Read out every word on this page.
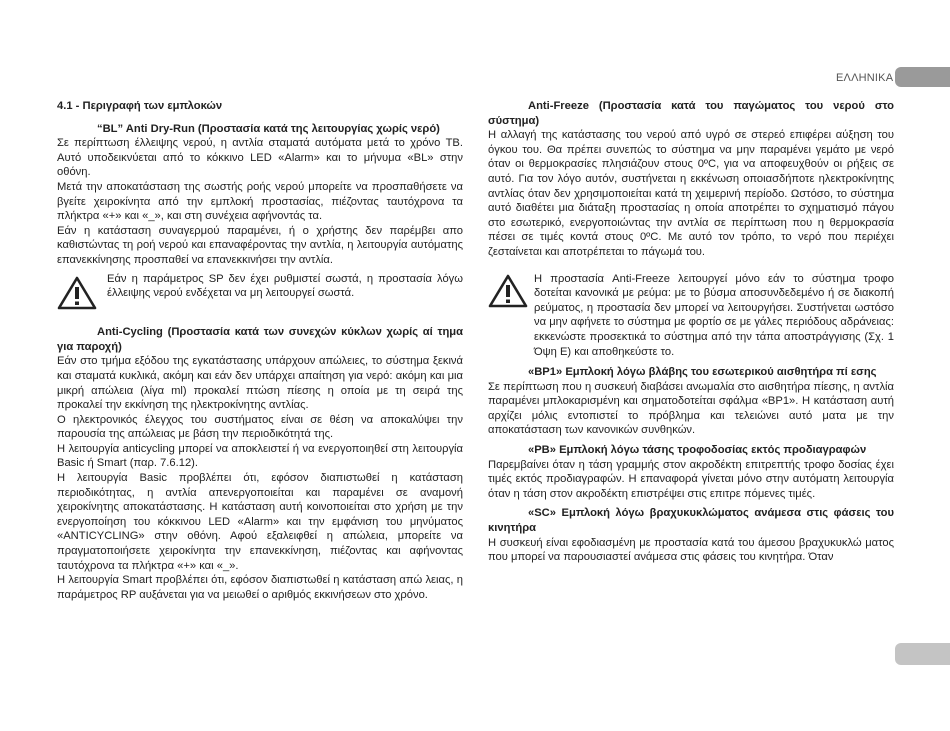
ΕΛΛΗΝΙΚΑ

4.1 - Περιγραφή των εμπλοκών

“BL” Anti Dry-Run (Προστασία κατά της λειτουργίας χωρίς νερό)

Σε περίπτωση έλλειψης νερού, η αντλία σταματά αυτόματα μετά το χρόνο TB. Αυτό υποδεικνύεται από το κόκκινο LED «Alarm» και το μήνυμα «BL» στην οθόνη.

Μετά την αποκατάσταση της σωστής ροής νερού μπορείτε να προσπαθήσετε να βγείτε χειροκίνητα από την εμπλοκή προστασίας, πιέζοντας ταυτόχρονα τα πλήκτρα «+» και «_», και στη συνέχεια αφήνοντάς τα.

Εάν η κατάσταση συναγερμού παραμένει, ή ο χρήστης δεν παρέμβει απο καθιστώντας τη ροή νερού και επαναφέροντας την αντλία, η λειτουργία αυτόματης επανεκκίνησης προσπαθεί να επανεκκινήσει την αντλία.

Εάν η παράμετρος SP δεν έχει ρυθμιστεί σωστά, η προστασία λόγω έλλειψης νερού ενδέχεται να μη λειτουργεί σωστά.

Anti-Cycling (Προστασία κατά των συνεχών κύκλων χωρίς αί τημα για παροχή)

Εάν στο τμήμα εξόδου της εγκατάστασης υπάρχουν απώλειες, το σύστημα ξεκινά και σταματά κυκλικά, ακόμη και εάν δεν υπάρχει απαίτηση για νερό: ακόμη και μια μικρή απώλεια (λίγα ml) προκαλεί πτώση πίεσης η οποία με τη σειρά της προκαλεί την εκκίνηση της ηλεκτροκίνητης αντλίας.

Ο ηλεκτρονικός έλεγχος του συστήματος είναι σε θέση να αποκαλύψει την παρουσία της απώλειας με βάση την περιοδικότητά της.

Η λειτουργία anticycling μπορεί να αποκλειστεί ή να ενεργοποιηθεί στη λειτουργία Basic ή Smart (παρ. 7.6.12).

Η λειτουργία Basic προβλέπει ότι, εφόσον διαπιστωθεί η κατάσταση περιοδικότητας, η αντλία απενεργοποιείται και παραμένει σε αναμονή χειροκίνητης αποκατάστασης. Η κατάσταση αυτή κοινοποιείται στο χρήση με την ενεργοποίηση του κόκκινου LED «Alarm» και την εμφάνιση του μηνύματος «ANTICYCLING» στην οθόνη. Αφού εξαλειφθεί η απώλεια, μπορείτε να πραγματοποιήσετε χειροκίνητα την επανεκκίνηση, πιέζοντας και αφήνοντας ταυτόχρονα τα πλήκτρα «+» και «_».

Η λειτουργία Smart προβλέπει ότι, εφόσον διαπιστωθεί η κατάσταση απώ λειας, η παράμετρος RP αυξάνεται για να μειωθεί ο αριθμός εκκινήσεων στο χρόνο.

Anti-Freeze (Προστασία κατά του παγώματος του νερού στο σύστημα)

Η αλλαγή της κατάστασης του νερού από υγρό σε στερεό επιφέρει αύξηση του όγκου του. Θα πρέπει συνεπώς το σύστημα να μην παραμένει γεμάτο με νερό όταν οι θερμοκρασίες πλησιάζουν στους 0ºC, για να αποφευχθούν οι ρήξεις σε αυτό. Για τον λόγο αυτόν, συστήνεται η εκκένωση οποιασδήποτε ηλεκτροκίνητης αντλίας όταν δεν χρησιμοποιείται κατά τη χειμερινή περίοδο. Ωστόσο, το σύστημα αυτό διαθέτει μια διάταξη προστασίας η οποία αποτρέπει το σχηματισμό πάγου στο εσωτερικό, ενεργοποιώντας την αντλία σε περίπτωση που η θερμοκρασία πέσει σε τιμές κοντά στους 0ºC. Με αυτό τον τρόπο, το νερό που περιέχει ζεσταίνεται και αποτρέπεται το πάγωμά του.

Η προστασία Anti-Freeze λειτουργεί μόνο εάν το σύστημα τροφο δοτείται κανονικά με ρεύμα: με το βύσμα αποσυνδεδεμένο ή σε διακοπή ρεύματος, η προστασία δεν μπορεί να λειτουργήσει. Συστήνεται ωστόσο να μην αφήνετε το σύστημα με φορτίο σε με γάλες περιόδους αδράνειας: εκκενώστε προσεκτικά το σύστημα από την τάπα αποστράγγισης (Σχ. 1 Όψη Ε) και αποθηκεύστε το.

«BP1» Εμπλοκή λόγω βλάβης του εσωτερικού αισθητήρα πί εσης

Σε περίπτωση που η συσκευή διαβάσει ανωμαλία στο αισθητήρα πίεσης, η αντλία παραμένει μπλοκαρισμένη και σηματοδοτείται σφάλμα «BP1». Η κατάσταση αυτή αρχίζει μόλις εντοπιστεί το πρόβλημα και τελειώνει αυτό ματα με την αποκατάσταση των κανονικών συνθηκών.

«PB» Εμπλοκή λόγω τάσης τροφοδοσίας εκτός προδιαγραφών

Παρεμβαίνει όταν η τάση γραμμής στον ακροδέκτη επιτρεπτής τροφο δοσίας έχει τιμές εκτός προδιαγραφών. Η επαναφορά γίνεται μόνο στην αυτόματη λειτουργία όταν η τάση στον ακροδέκτη επιστρέψει στις επιτρε πόμενες τιμές.

«SC» Εμπλοκή λόγω βραχυκυκλώματος ανάμεσα στις φάσεις του κινητήρα

Η συσκευή είναι εφοδιασμένη με προστασία κατά του άμεσου βραχυκυκλώ ματος που μπορεί να παρουσιαστεί ανάμεσα στις φάσεις του κινητήρα. Όταν
